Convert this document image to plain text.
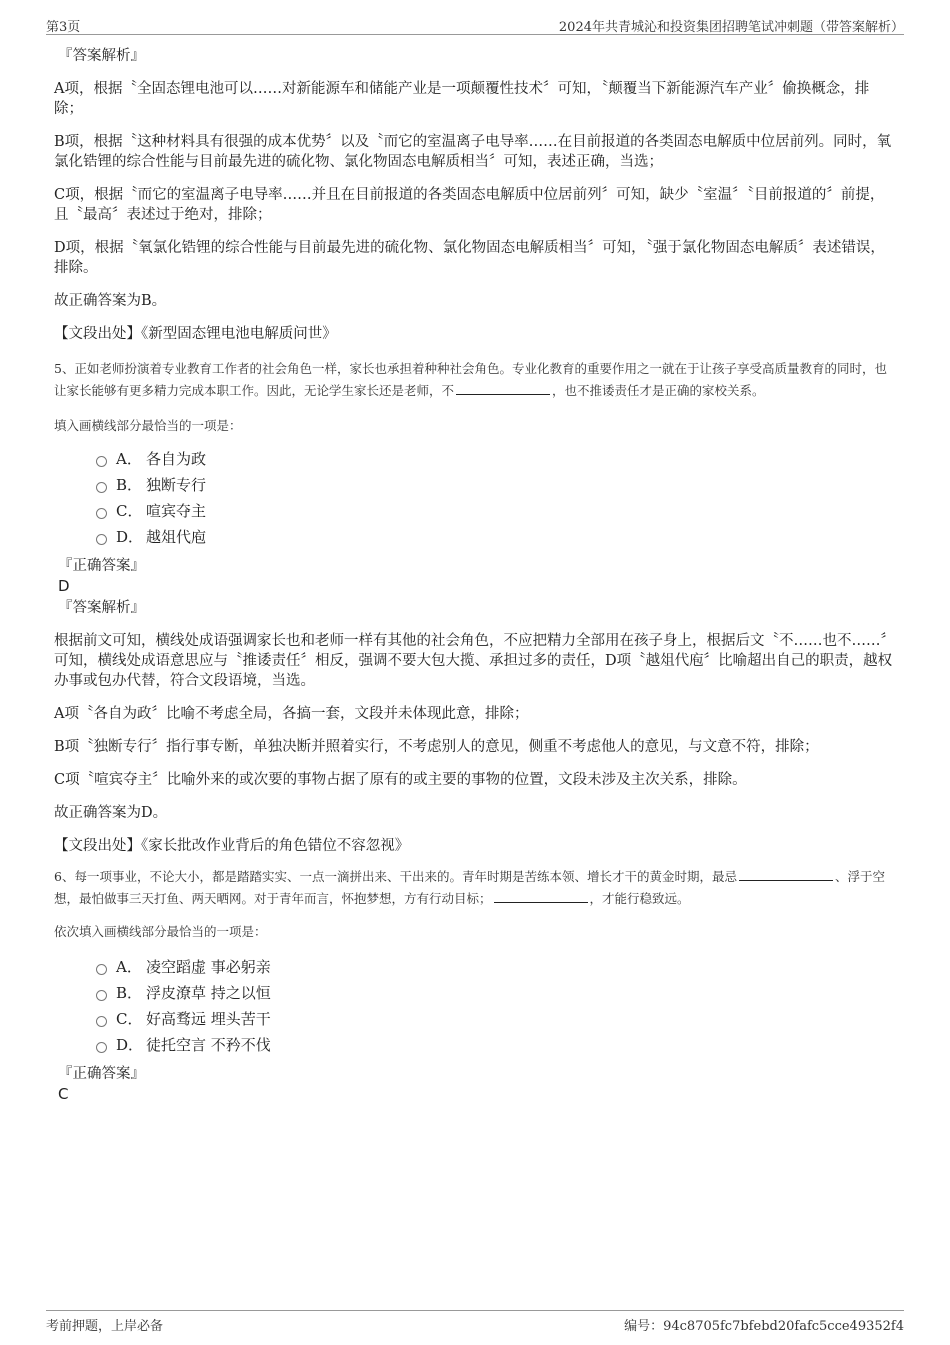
第3页	2024年共青城沁和投资集团招聘笔试冲刺题（带答案解析）

『答案解析』

A项，根据〝全固态锂电池可以……对新能源车和储能产业是一项颠覆性技术〞可知，〝颠覆当下新能源汽车产业〞偷换概念，排除；

B项，根据〝这种材料具有很强的成本优势〞以及〝而它的室温离子电导率……在目前报道的各类固态电解质中位居前列。同时，氧氯化锆锂的综合性能与目前最先进的硫化物、氯化物固态电解质相当〞可知，表述正确，当选；

C项，根据〝而它的室温离子电导率……并且在目前报道的各类固态电解质中位居前列〞可知，缺少〝室温〞〝目前报道的〞前提，且〝最高〞表述过于绝对，排除；

D项，根据〝氧氯化锆锂的综合性能与目前最先进的硫化物、氯化物固态电解质相当〞可知，〝强于氯化物固态电解质〞表述错误，排除。

故正确答案为B。

【文段出处】《新型固态锂电池电解质问世》

5、正如老师扮演着专业教育工作者的社会角色一样，家长也承担着种种社会角色。专业化教育的重要作用之一就在于让孩子享受高质量教育的同时，也让家长能够有更多精力完成本职工作。因此，无论学生家长还是老师，不	，也不推诿责任才是正确的家校关系。

填入画横线部分最恰当的一项是：

A． 各自为政
B． 独断专行
C． 喧宾夺主
D． 越俎代庖

『正确答案』

D

『答案解析』

根据前文可知，横线处成语强调家长也和老师一样有其他的社会角色，不应把精力全部用在孩子身上，根据后文〝不……也不……〞可知，横线处成语意思应与〝推诿责任〞相反，强调不要大包大揽、承担过多的责任，D项〝越俎代庖〞比喻超出自己的职责，越权办事或包办代替，符合文段语境，当选。

A项〝各自为政〞比喻不考虑全局，各搞一套，文段并未体现此意，排除；

B项〝独断专行〞指行事专断，单独决断并照着实行，不考虑别人的意见，侧重不考虑他人的意见，与文意不符，排除；

C项〝喧宾夺主〞比喻外来的或次要的事物占据了原有的或主要的事物的位置，文段未涉及主次关系，排除。

故正确答案为D。

【文段出处】《家长批改作业背后的角色错位不容忽视》

6、每一项事业，不论大小，都是踏踏实实、一点一滴拼出来、干出来的。青年时期是苦练本领、增长才干的黄金时期，最忌	、浮于空想，最怕做事三天打鱼、两天晒网。对于青年而言，怀抱梦想，方有行动目标；	，才能行稳致远。

依次填入画横线部分最恰当的一项是：

A． 凌空蹈虚 事必躬亲
B． 浮皮潦草 持之以恒
C． 好高骛远 埋头苦干
D． 徒托空言 不矜不伐

『正确答案』

C

考前押题，上岸必备	编号：94c8705fc7bfebd20fafc5cce49352f4
